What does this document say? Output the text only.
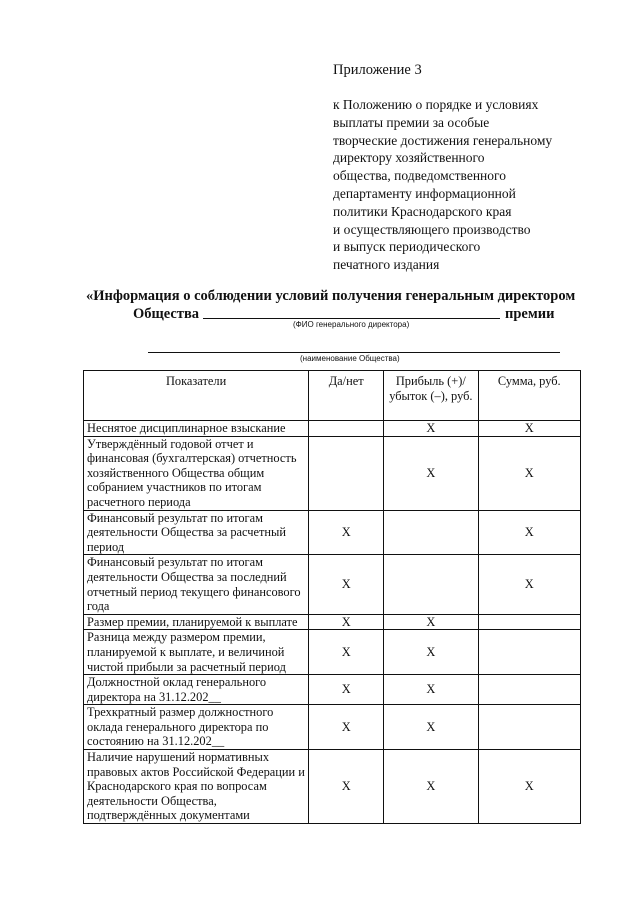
Приложение 3
к Положению о порядке и условиях
выплаты премии за особые
творческие достижения генеральному
директору хозяйственного
общества, подведомственного
департаменту информационной
политики Краснодарского края
и осуществляющего производство
и выпуск периодического
печатного издания
«Информация о соблюдении условий получения генеральным директором
Общества	премии
(ФИО генерального директора)
(наименование Общества)
Показатели	Да/нет	Прибыль (+)/ убыток (–), руб.	Сумма, руб.
Неснятое дисциплинарное взыскание		X	X
Утверждённый годовой отчет и финансовая (бухгалтерская) отчетность хозяйственного Общества общим собранием участников по итогам расчетного периода		X	X
Финансовый результат по итогам деятельности Общества за расчетный период	X		X
Финансовый результат по итогам деятельности Общества за последний отчетный период текущего финансового года	X		X
Размер премии, планируемой к выплате	X	X	
Разница между размером премии, планируемой к выплате, и величиной чистой прибыли за расчетный период	X	X	
Должностной оклад генерального директора на 31.12.202__	X	X	
Трехкратный размер должностного оклада генерального директора по состоянию на 31.12.202__	X	X	
Наличие нарушений нормативных правовых актов Российской Федерации и Краснодарского края по вопросам деятельности Общества, подтверждённых документами	X	X	X
